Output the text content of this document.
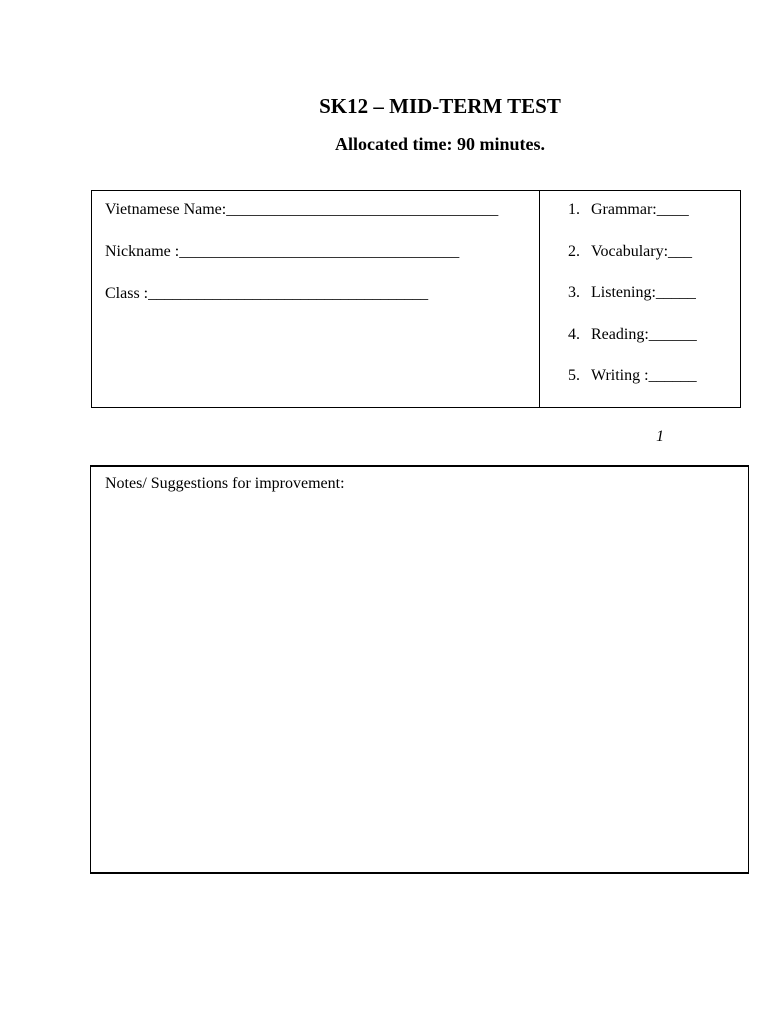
SK12 – MID-TERM TEST
Allocated time: 90 minutes.
Vietnamese Name:__________________________________
Nickname :___________________________________
Class :___________________________________
1. Grammar:____
2. Vocabulary:___
3. Listening:_____
4. Reading:______
5. Writing :______
1
Notes/ Suggestions for improvement:
